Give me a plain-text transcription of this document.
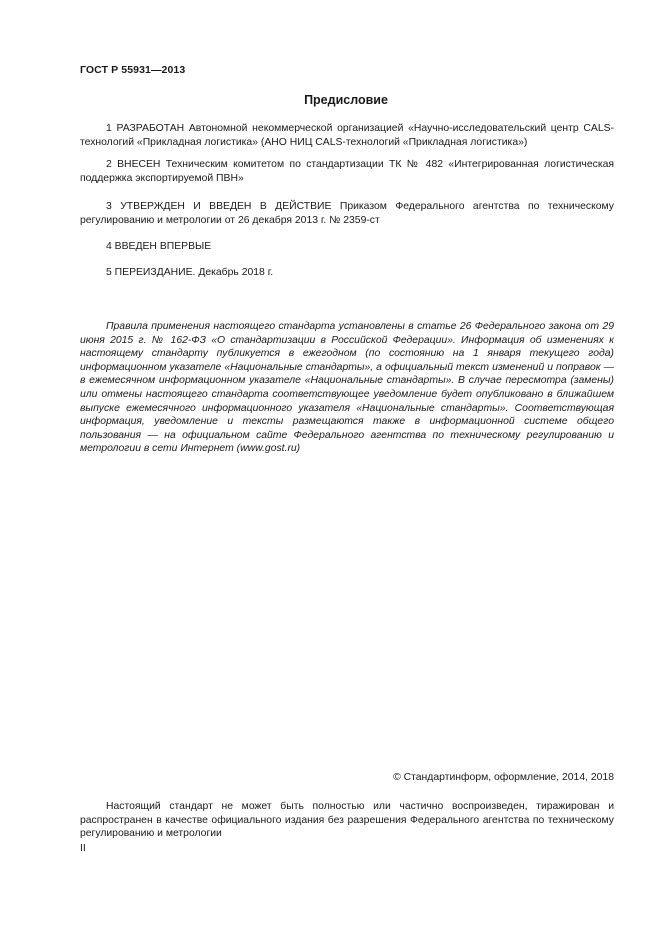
ГОСТ Р 55931—2013
Предисловие
1 РАЗРАБОТАН Автономной некоммерческой организацией «Научно-исследовательский центр CALS-технологий «Прикладная логистика» (АНО НИЦ CALS-технологий «Прикладная логистика»)
2 ВНЕСЕН Техническим комитетом по стандартизации ТК № 482 «Интегрированная логистическая поддержка экспортируемой ПВН»
3 УТВЕРЖДЕН И ВВЕДЕН В ДЕЙСТВИЕ Приказом Федерального агентства по техническому регулированию и метрологии от 26 декабря 2013 г. № 2359-ст
4 ВВЕДЕН ВПЕРВЫЕ
5 ПЕРЕИЗДАНИЕ. Декабрь 2018 г.
Правила применения настоящего стандарта установлены в статье 26 Федерального закона от 29 июня 2015 г. № 162-ФЗ «О стандартизации в Российской Федерации». Информация об изменениях к настоящему стандарту публикуется в ежегодном (по состоянию на 1 января текущего года) информационном указателе «Национальные стандарты», а официальный текст изменений и поправок — в ежемесячном информационном указателе «Национальные стандарты». В случае пересмотра (замены) или отмены настоящего стандарта соответствующее уведомление будет опубликовано в ближайшем выпуске ежемесячного информационного указателя «Национальные стандарты». Соответствующая информация, уведомление и тексты размещаются также в информационной системе общего пользования — на официальном сайте Федерального агентства по техническому регулированию и метрологии в сети Интернет (www.gost.ru)
© Стандартинформ, оформление, 2014, 2018
Настоящий стандарт не может быть полностью или частично воспроизведен, тиражирован и распространен в качестве официального издания без разрешения Федерального агентства по техническому регулированию и метрологии
II
